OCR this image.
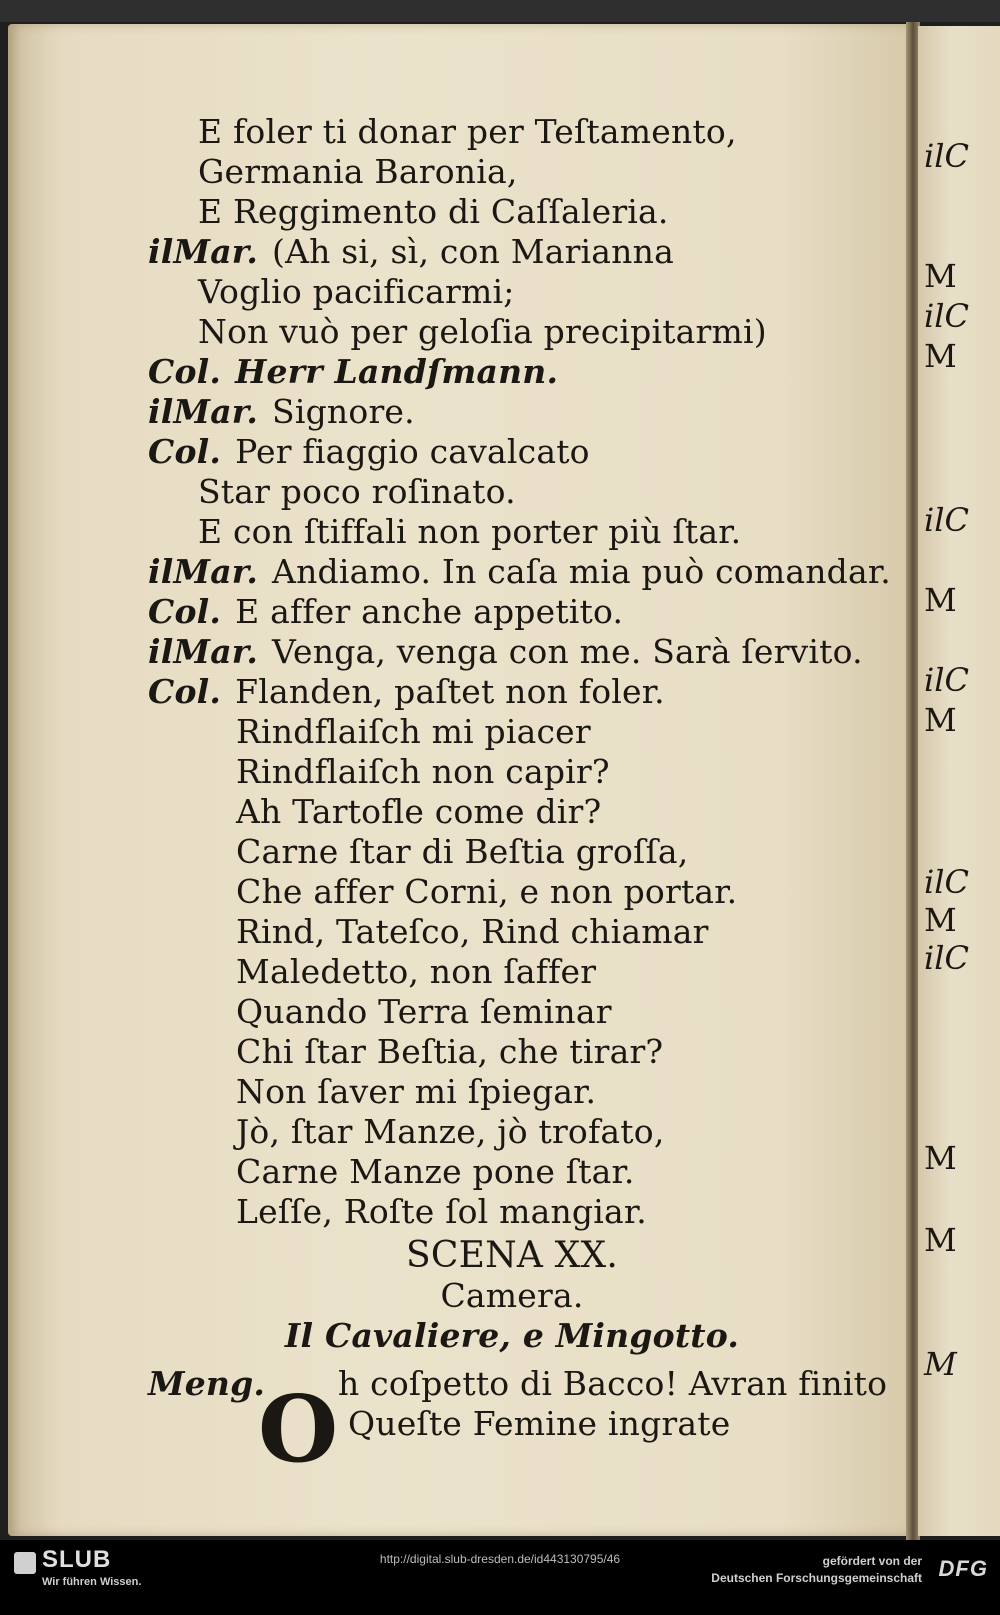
E foler ti donar per Teſtamento,
Germania Baronia,
E Reggimento di Caſſaleria.
ilMar. (Ah si, sì, con Marianna
Voglio pacificarmi;
Non vuò per geloſia precipitarmi)
Col. Herr Landſmann.
ilMar. Signore.
Col. Per fiaggio cavalcato
Star poco roſinato.
E con ſtiffali non porter più ſtar.
ilMar. Andiamo. In caſa mia può comandar.
Col. E affer anche appetito.
ilMar. Venga, venga con me. Sarà ſervito.
Col. Flanden, paſtet non foler.
Rindflaiſch mi piacer
Rindflaiſch non capir?
Ah Tartofle come dir?
Carne ſtar di Beſtia groſſa,
Che affer Corni, e non portar.
Rind, Tateſco, Rind chiamar
Maledetto, non ſaffer
Quando Terra ſeminar
Chi ſtar Beſtia, che tirar?
Non ſaver mi ſpiegar.
Jò, ſtar Manze, jò trofato,
Carne Manze pone ſtar.
Leſſe, Roſte ſol mangiar.
SCENA XX.
Camera.
Il Cavaliere, e Mingotto.
Meng.
O h coſpetto di Bacco! Avran finito
Queſte Femine ingrate
ilC
M
ilC
M
ilC
M
ilC
M
ilC
M
ilC
M
M
M
SLUB
Wir führen Wissen.
http://digital.slub-dresden.de/id443130795/46	gefördert von der
Deutschen Forschungsgemeinschaft DFG
